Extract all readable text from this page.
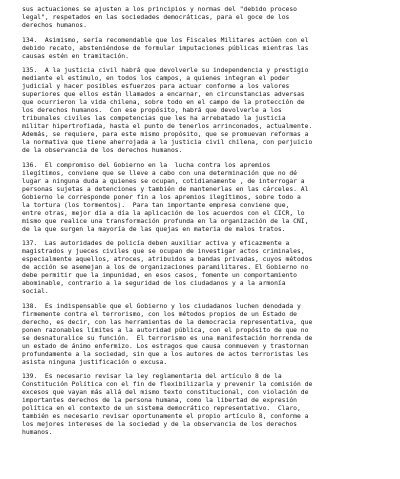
sus actuaciones se ajusten a los principios y normas del "debido proceso
legal", respetados en las sociedades democráticas, para el goce de los
derechos humanos.

134.  Asimismo, sería recomendable que los Fiscales Militares actúen con el
debido recato, absteniéndose de formular imputaciones públicas mientras las
causas estén en tramitación.

135.  A la justicia civil habrá que devolverle su independencia y prestigio
mediante el estímulo, en todos los campos, a quienes integran el poder
judicial y hacer posibles esfuerzos para actuar conforme a los valores
superiores que ellos están llamados a encarnar, en circunstancias adversas
que ocurrieron la vida chilena, sobre todo en el campo de la protección de
los derechos humanos.  Con ese propósito, habrá que devolverle a los
tribunales civiles las competencias que les ha arrebatado la justicia
militar hipertrofiada, hasta el punto de tenerlos arrinconados, actualmente.
Además, se requiere, para este mismo propósito, que se promuevan reformas a
la normativa que tiene aherrojada a la justicia civil chilena, con perjuicio
de la observancia de los derechos humanos.

136.  El compromiso del Gobierno en la  lucha contra los apremios
ilegítimos, conviene que se lleve a cabo con una determinación que no dé
lugar a ninguna duda a quienes se ocupan, cotidianamente , de interrogar a
personas sujetas a detenciones y también de mantenerlas en las cárceles. Al
Gobierno le corresponde poner fin a los apremios ilegítimos, sobre todo a
la tortura (los tormentos).  Para tan importante empresa conviene que,
entre otras, mejor día a día la aplicación de los acuerdos con el CICR, lo
mismo que realice una transformación profunda en la organización de la CNI,
de la que surgen la mayoría de las quejas en materia de malos tratos.

137.  Las autoridades de policía deben auxiliar activa y eficazmente a
magistrados y jueces civiles que se ocupan de investigar actos criminales,
especialmente aquellos, atroces, atribuidos a bandas privadas, cuyos métodos
de acción se asemejan a los de organizaciones paramilitares. El Gobierno no
debe permitir que la impunidad, en esos casos, fomente un comportamiento
abominable, contrario a la seguridad de los ciudadanos y a la armonía
social.

138.  Es indispensable que el Gobierno y los ciudadanos luchen denodada y
firmemente contra el terrorismo, con los métodos propios de un Estado de
derecho, es decir, con las herramientas de la democracia representativa, que
ponen razonables límites a la autoridad pública, con el propósito de que no
se desnaturalice su función.  El terrorismo es una manifestación horrenda de
un estado de ánimo enfermizo. Los estragos que causa conmueven y trastornan
profundamente a la sociedad, sin que a los autores de actos terroristas les
asista ninguna justificación o excusa.

139.  Es necesario revisar la ley reglamentaria del artículo 8 de la
Constitución Política con el fin de flexibilizarla y prevenir la comisión de
excesos que vayan más allá del mismo texto constitucional, con violación de
importantes derechos de la persona humana, como la libertad de expresión
política en el contexto de un sistema democrático representativo.  Claro,
también es necesario revisar oportunamente el propio artículo 8, conforme a
los mejores intereses de la sociedad y de la observancia de los derechos
humanos.
